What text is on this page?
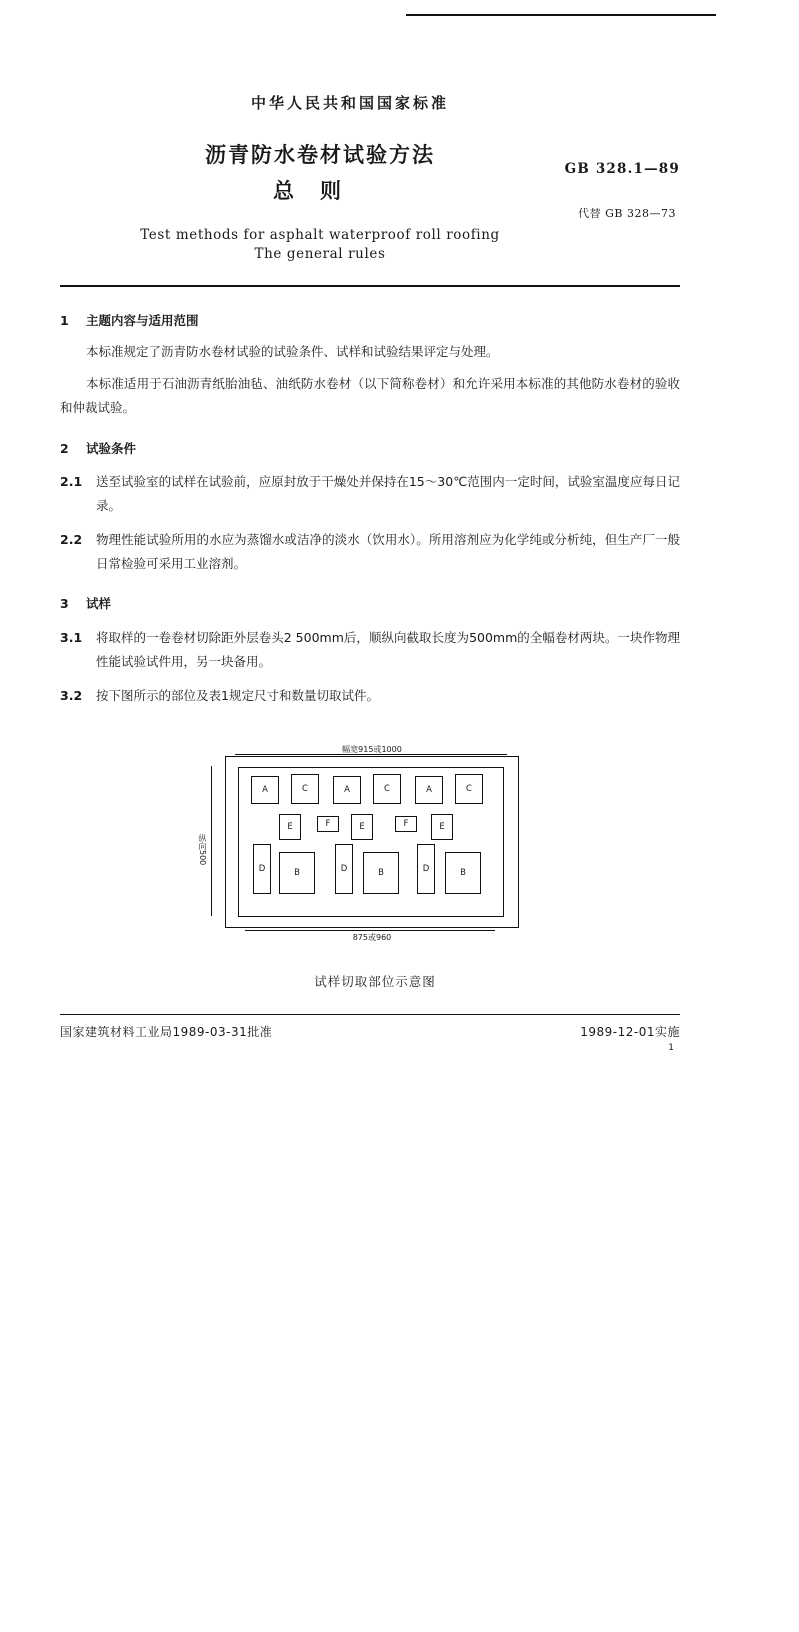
中华人民共和国国家标准
沥青防水卷材试验方法
总则
Test methods for asphalt waterproof roll roofing
The general rules
GB 328.1—89
代替 GB 328—73
1 主题内容与适用范围
本标准规定了沥青防水卷材试验的试验条件、试样和试验结果评定与处理。
本标准适用于石油沥青纸胎油毡、油纸防水卷材（以下简称卷材）和允许采用本标准的其他防水卷材的验收和仲裁试验。
2 试验条件
2.1 送至试验室的试样在试验前，应原封放于干燥处并保持在15～30℃范围内一定时间，试验室温度应每日记录。
2.2 物理性能试验所用的水应为蒸馏水或洁净的淡水（饮用水）。所用溶剂应为化学纯或分析纯，但生产厂一般日常检验可采用工业溶剂。
3 试样
3.1 将取样的一卷卷材切除距外层卷头2 500mm后，顺纵向截取长度为500mm的全幅卷材两块。一块作物理性能试验试件用，另一块备用。
3.2 按下图所示的部位及表1规定尺寸和数量切取试件。
幅宽915或1000
纵向500
875或960
A	C	A	C	A	C
E	F	E	F	E
D	B	D	B	D	B
试样切取部位示意图
国家建筑材料工业局1989-03-31批准	1989-12-01实施
1
